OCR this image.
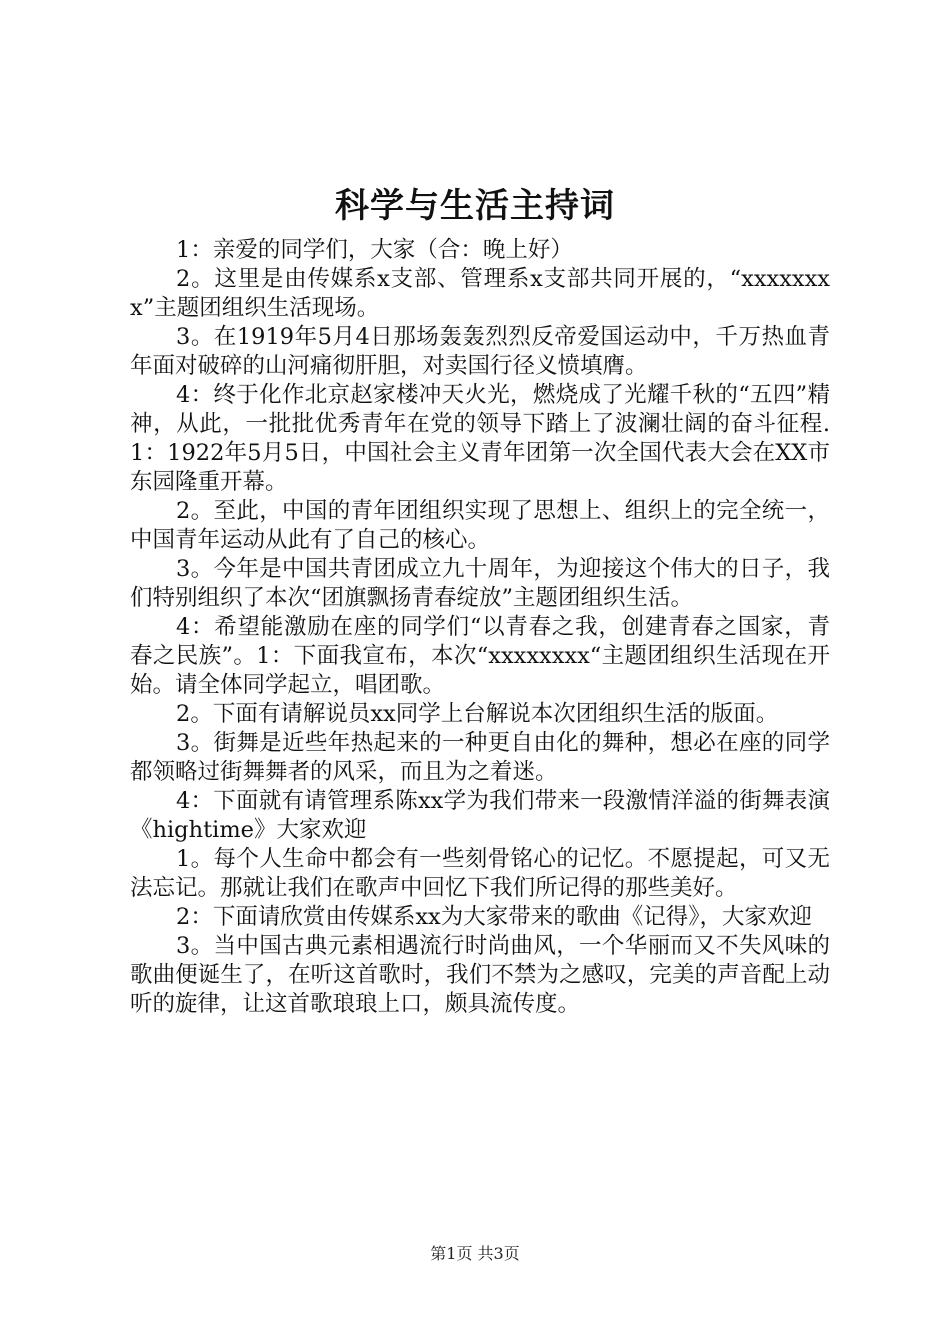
科学与生活主持词

1：亲爱的同学们，大家（合：晚上好）

2。这里是由传媒系x支部、管理系x支部共同开展的，“xxxxxxxx”主题团组织生活现场。

3。在1919年5月4日那场轰轰烈烈反帝爱国运动中，千万热血青年面对破碎的山河痛彻肝胆，对卖国行径义愤填膺。

4：终于化作北京赵家楼冲天火光，燃烧成了光耀千秋的“五四”精神，从此，一批批优秀青年在党的领导下踏上了波澜壮阔的奋斗征程.1：1922年5月5日，中国社会主义青年团第一次全国代表大会在XX市东园隆重开幕。

2。至此，中国的青年团组织实现了思想上、组织上的完全统一，中国青年运动从此有了自己的核心。

3。今年是中国共青团成立九十周年，为迎接这个伟大的日子，我们特别组织了本次“团旗飘扬青春绽放”主题团组织生活。

4：希望能激励在座的同学们“以青春之我，创建青春之国家，青春之民族”。1：下面我宣布，本次“xxxxxxxx“主题团组织生活现在开始。请全体同学起立，唱团歌。

2。下面有请解说员xx同学上台解说本次团组织生活的版面。

3。街舞是近些年热起来的一种更自由化的舞种，想必在座的同学都领略过街舞舞者的风采，而且为之着迷。

4：下面就有请管理系陈xx学为我们带来一段激情洋溢的街舞表演《hightime》大家欢迎

1。每个人生命中都会有一些刻骨铭心的记忆。不愿提起，可又无法忘记。那就让我们在歌声中回忆下我们所记得的那些美好。

2：下面请欣赏由传媒系xx为大家带来的歌曲《记得》，大家欢迎

3。当中国古典元素相遇流行时尚曲风，一个华丽而又不失风味的歌曲便诞生了，在听这首歌时，我们不禁为之感叹，完美的声音配上动听的旋律，让这首歌琅琅上口，颇具流传度。

第1页 共3页
